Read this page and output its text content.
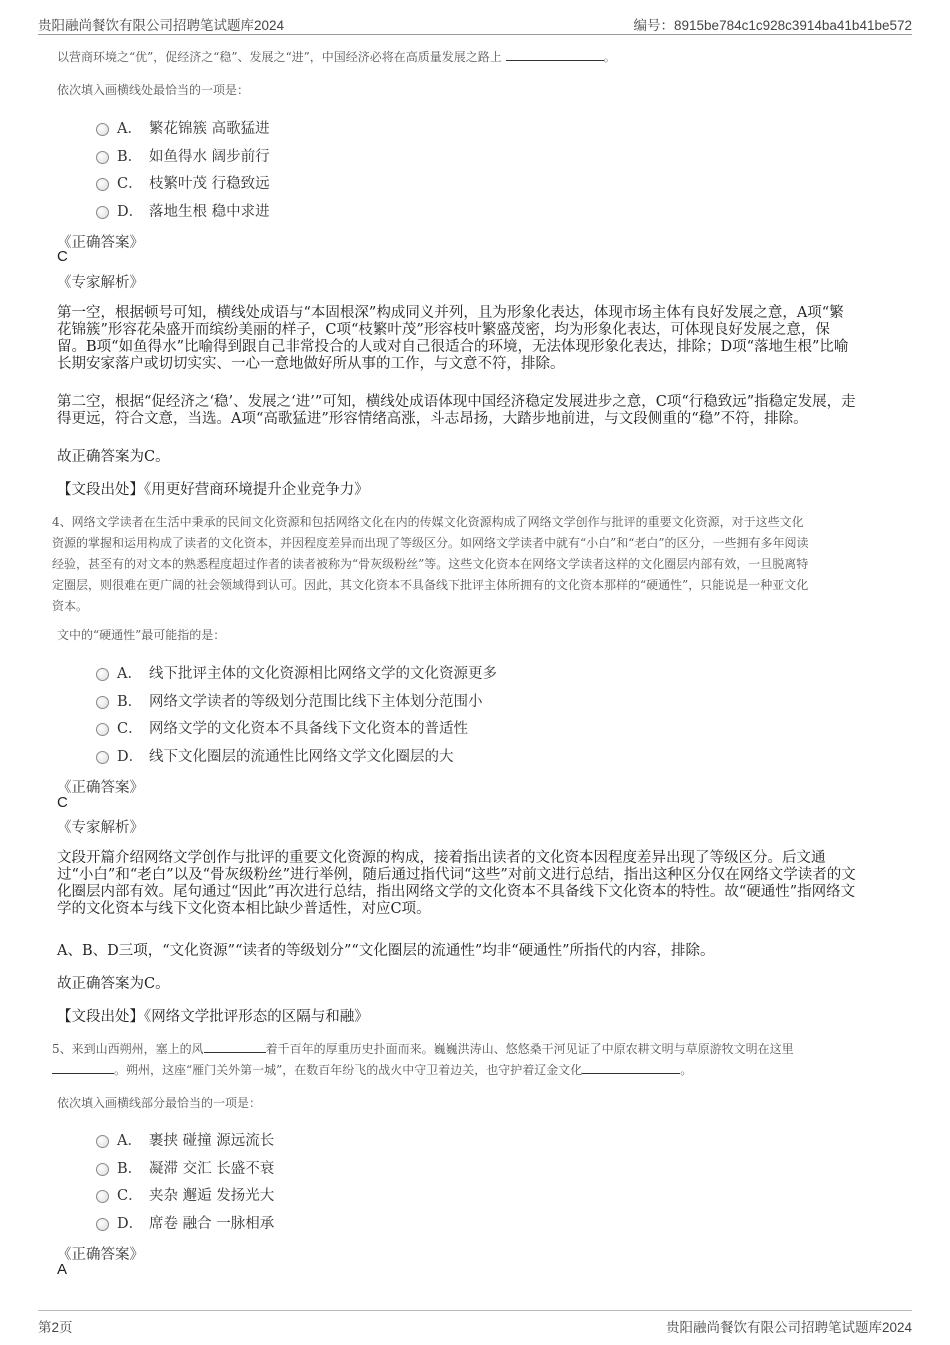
贵阳融尚餐饮有限公司招聘笔试题库2024	编号：8915be784c1c928c3914ba41b41be572
以营商环境之“优”，促经济之“稳”、发展之“进”，中国经济必将在高质量发展之路上	。
依次填入画横线处最恰当的一项是：
A． 繁花锦簇 高歌猛进
B． 如鱼得水 阔步前行
C． 枝繁叶茂 行稳致远
D． 落地生根 稳中求进
《正确答案》
C
《专家解析》
第一空，根据顿号可知，横线处成语与“本固根深”构成同义并列，且为形象化表达，体现市场主体有良好发展之意，A项“繁
花锦簇”形容花朵盛开而缤纷美丽的样子，C项“枝繁叶茂”形容枝叶繁盛茂密，均为形象化表达，可体现良好发展之意，保
留。B项“如鱼得水”比喻得到跟自己非常投合的人或对自己很适合的环境，无法体现形象化表达，排除；D项“落地生根”比喻
长期安家落户或切切实实、一心一意地做好所从事的工作，与文意不符，排除。
第二空，根据“促经济之‘稳’、发展之‘进’”可知，横线处成语体现中国经济稳定发展进步之意，C项“行稳致远”指稳定发展，走
得更远，符合文意，当选。A项“高歌猛进”形容情绪高涨，斗志昂扬，大踏步地前进，与文段侧重的“稳”不符，排除。
故正确答案为C。
【文段出处】《用更好营商环境提升企业竞争力》
4、网络文学读者在生活中秉承的民间文化资源和包括网络文化在内的传媒文化资源构成了网络文学创作与批评的重要文化资源，对于这些文化
资源的掌握和运用构成了读者的文化资本，并因程度差异而出现了等级区分。如网络文学读者中就有“小白”和“老白”的区分，一些拥有多年阅读
经验，甚至有的对文本的熟悉程度超过作者的读者被称为“骨灰级粉丝”等。这些文化资本在网络文学读者这样的文化圈层内部有效，一旦脱离特
定圈层，则很难在更广阔的社会领域得到认可。因此，其文化资本不具备线下批评主体所拥有的文化资本那样的“硬通性”，只能说是一种亚文化
资本。
文中的“硬通性”最可能指的是：
A． 线下批评主体的文化资源相比网络文学的文化资源更多
B． 网络文学读者的等级划分范围比线下主体划分范围小
C． 网络文学的文化资本不具备线下文化资本的普适性
D． 线下文化圈层的流通性比网络文学文化圈层的大
《正确答案》
C
《专家解析》
文段开篇介绍网络文学创作与批评的重要文化资源的构成，接着指出读者的文化资本因程度差异出现了等级区分。后文通
过“小白”和“老白”以及“骨灰级粉丝”进行举例，随后通过指代词“这些”对前文进行总结，指出这种区分仅在网络文学读者的文
化圈层内部有效。尾句通过“因此”再次进行总结，指出网络文学的文化资本不具备线下文化资本的特性。故“硬通性”指网络文
学的文化资本与线下文化资本相比缺少普适性，对应C项。
A、B、D三项，“文化资源”“读者的等级划分”“文化圈层的流通性”均非“硬通性”所指代的内容，排除。
故正确答案为C。
【文段出处】《网络文学批评形态的区隔与和融》
5、来到山西朔州，塞上的风	着千百年的厚重历史扑面而来。巍巍洪涛山、悠悠桑干河见证了中原农耕文明与草原游牧文明在这里
。朔州，这座“雁门关外第一城”，在数百年纷飞的战火中守卫着边关，也守护着辽金文化	。
依次填入画横线部分最恰当的一项是：
A． 裹挟 碰撞 源远流长
B． 凝滞 交汇 长盛不衰
C． 夹杂 邂逅 发扬光大
D． 席卷 融合 一脉相承
《正确答案》
A
第2页	贵阳融尚餐饮有限公司招聘笔试题库2024
